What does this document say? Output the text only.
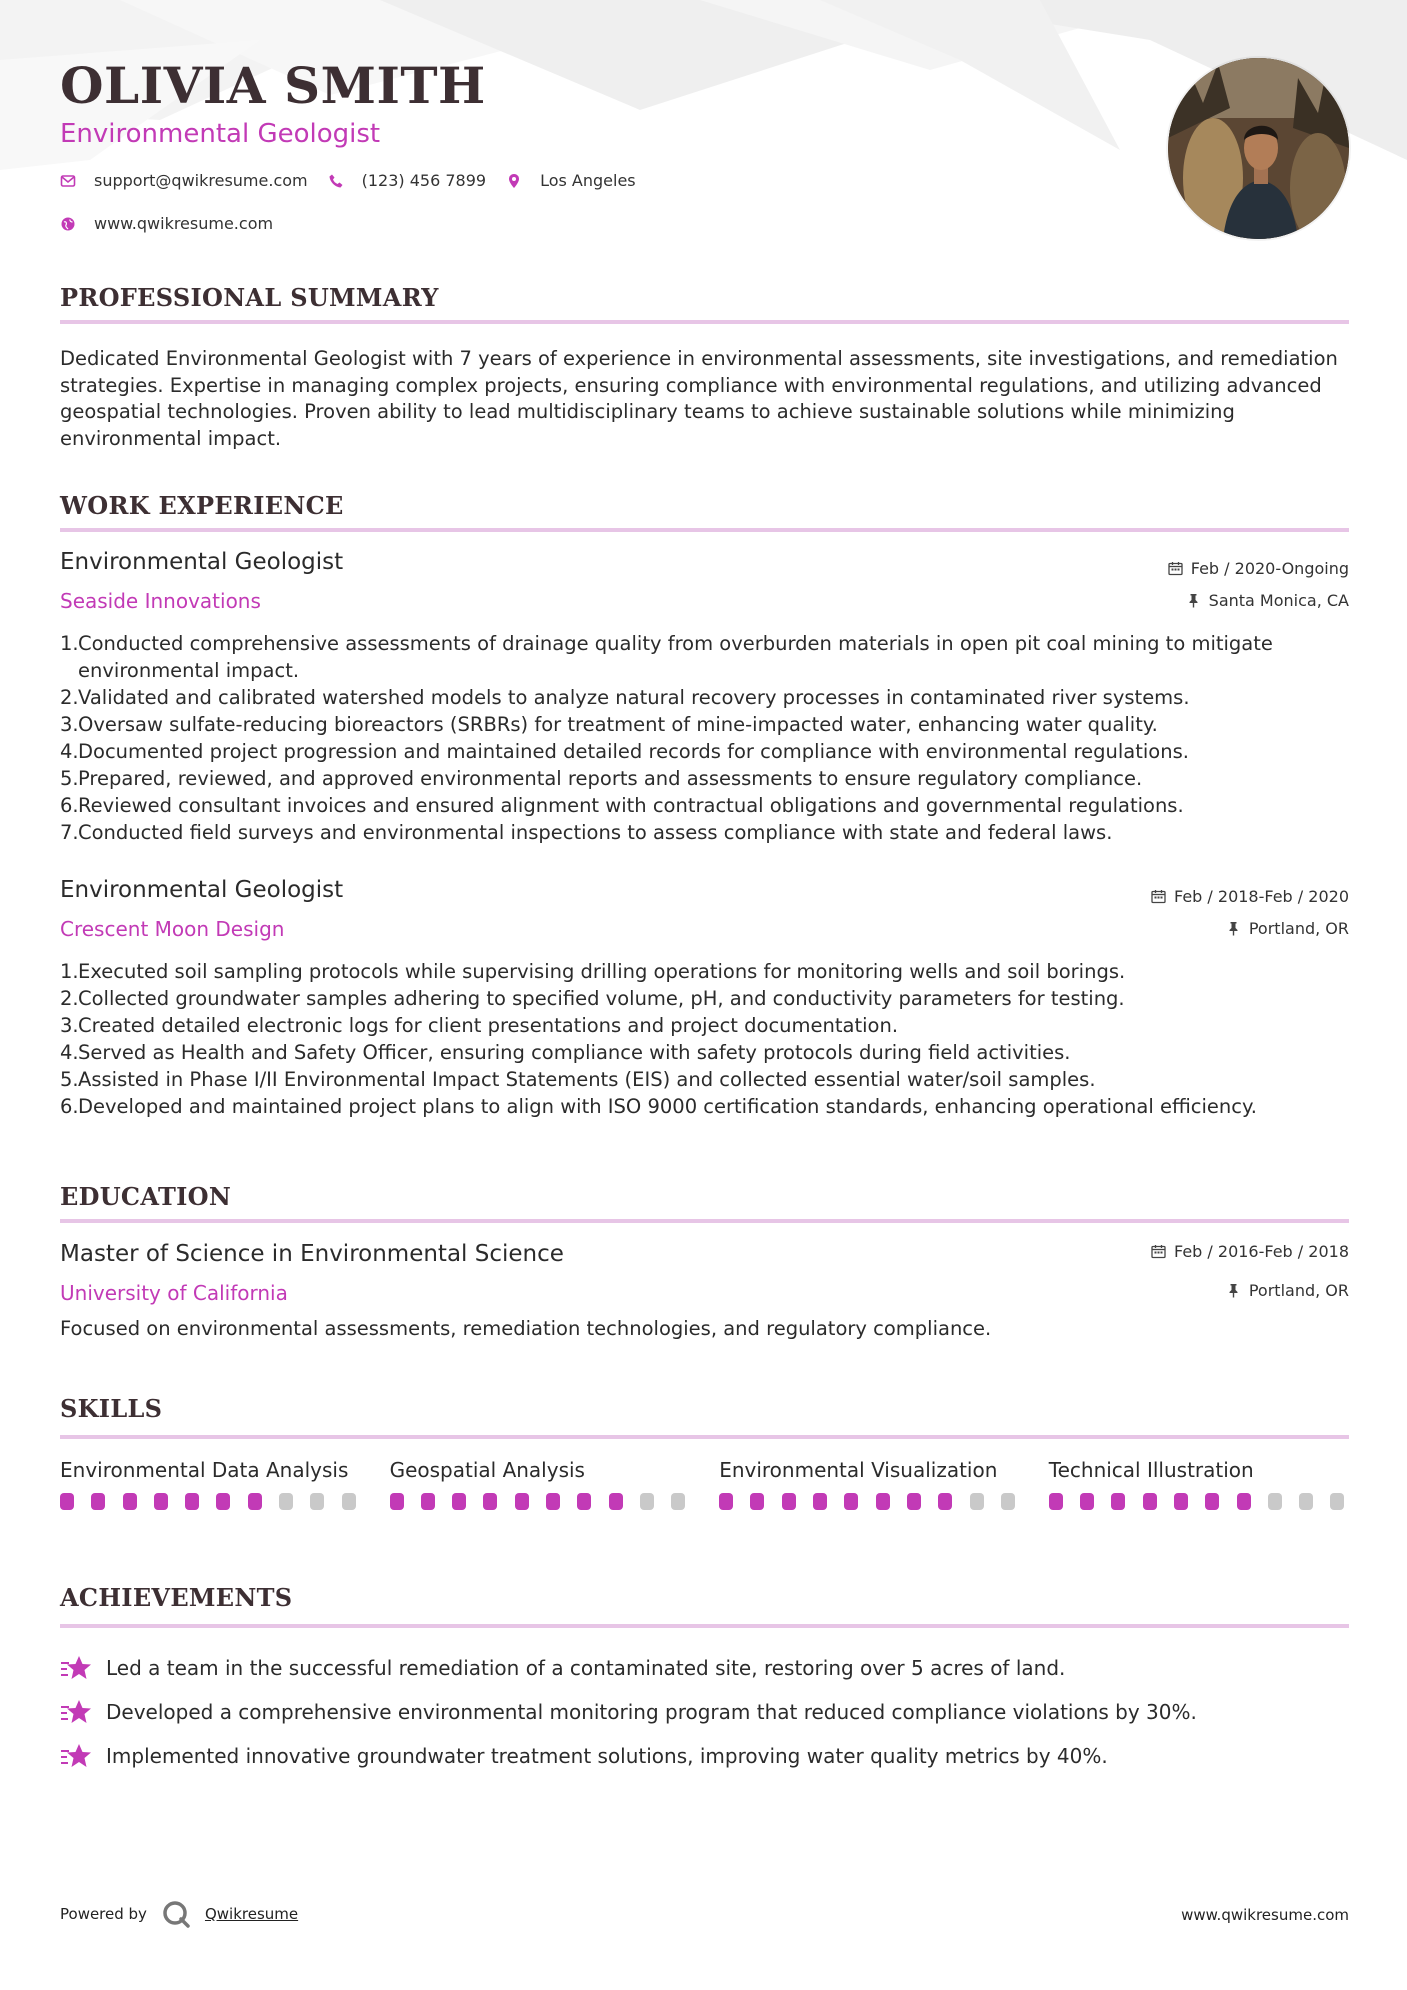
OLIVIA SMITH
Environmental Geologist
support@qwikresume.com	(123) 456 7899	Los Angeles
www.qwikresume.com
PROFESSIONAL SUMMARY

Dedicated Environmental Geologist with 7 years of experience in environmental assessments, site investigations, and remediation strategies. Expertise in managing complex projects, ensuring compliance with environmental regulations, and utilizing advanced geospatial technologies. Proven ability to lead multidisciplinary teams to achieve sustainable solutions while minimizing environmental impact.

WORK EXPERIENCE
Environmental Geologist
Seaside Innovations
Feb / 2020-Ongoing
Santa Monica, CA
1. Conducted comprehensive assessments of drainage quality from overburden materials in open pit coal mining to mitigate environmental impact.
2. Validated and calibrated watershed models to analyze natural recovery processes in contaminated river systems.
3. Oversaw sulfate-reducing bioreactors (SRBRs) for treatment of mine-impacted water, enhancing water quality.
4. Documented project progression and maintained detailed records for compliance with environmental regulations.
5. Prepared, reviewed, and approved environmental reports and assessments to ensure regulatory compliance.
6. Reviewed consultant invoices and ensured alignment with contractual obligations and governmental regulations.
7. Conducted field surveys and environmental inspections to assess compliance with state and federal laws.
Environmental Geologist
Crescent Moon Design
Feb / 2018-Feb / 2020
Portland, OR
1. Executed soil sampling protocols while supervising drilling operations for monitoring wells and soil borings.
2. Collected groundwater samples adhering to specified volume, pH, and conductivity parameters for testing.
3. Created detailed electronic logs for client presentations and project documentation.
4. Served as Health and Safety Officer, ensuring compliance with safety protocols during field activities.
5. Assisted in Phase I/II Environmental Impact Statements (EIS) and collected essential water/soil samples.
6. Developed and maintained project plans to align with ISO 9000 certification standards, enhancing operational efficiency.
EDUCATION
Master of Science in Environmental Science
University of California
Feb / 2016-Feb / 2018
Portland, OR
Focused on environmental assessments, remediation technologies, and regulatory compliance.
SKILLS
Environmental Data Analysis	Geospatial Analysis	Environmental Visualization	Technical Illustration
ACHIEVEMENTS
Led a team in the successful remediation of a contaminated site, restoring over 5 acres of land.
Developed a comprehensive environmental monitoring program that reduced compliance violations by 30%.
Implemented innovative groundwater treatment solutions, improving water quality metrics by 40%.
Powered by	Qwikresume	www.qwikresume.com
